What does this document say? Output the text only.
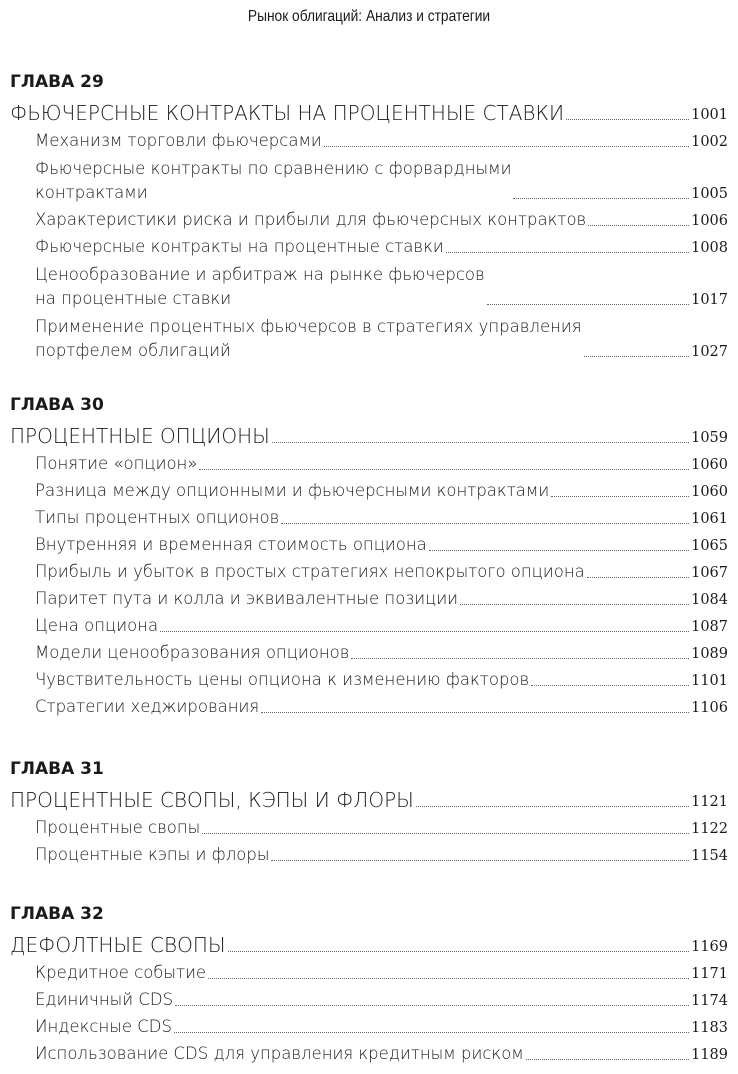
Рынок облигаций: Анализ и стратегии
ГЛАВА 29
ФЬЮЧЕРСНЫЕ КОНТРАКТЫ НА ПРОЦЕНТНЫЕ СТАВКИ	1001
Механизм торговли фьючерсами	1002
Фьючерсные контракты по сравнению с форвардными
контрактами	1005
Характеристики риска и прибыли для фьючерсных контрактов	1006
Фьючерсные контракты на процентные ставки	1008
Ценообразование и арбитраж на рынке фьючерсов
на процентные ставки	1017
Применение процентных фьючерсов в стратегиях управления
портфелем облигаций	1027
ГЛАВА 30
ПРОЦЕНТНЫЕ ОПЦИОНЫ	1059
Понятие «опцион»	1060
Разница между опционными и фьючерсными контрактами	1060
Типы процентных опционов	1061
Внутренняя и временная стоимость опциона	1065
Прибыль и убыток в простых стратегиях непокрытого опциона	1067
Паритет пута и колла и эквивалентные позиции	1084
Цена опциона	1087
Модели ценообразования опционов	1089
Чувствительность цены опциона к изменению факторов	1101
Стратегии хеджирования	1106
ГЛАВА 31
ПРОЦЕНТНЫЕ СВОПЫ, КЭПЫ И ФЛОРЫ	1121
Процентные свопы	1122
Процентные кэпы и флоры	1154
ГЛАВА 32
ДЕФОЛТНЫЕ СВОПЫ	1169
Кредитное событие	1171
Единичный CDS	1174
Индексные CDS	1183
Использование CDS для управления кредитным риском	1189
